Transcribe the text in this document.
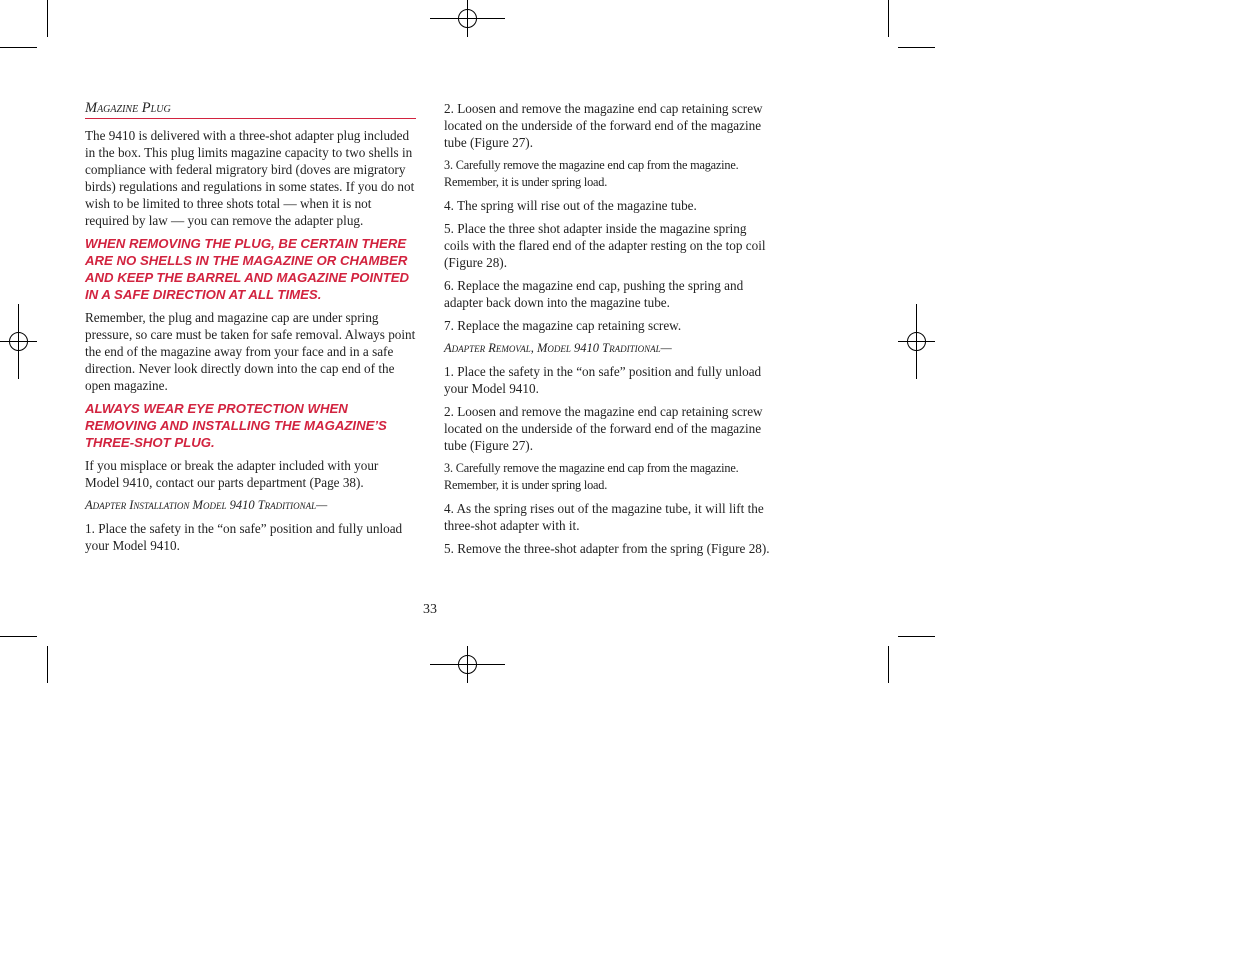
Magazine Plug

The 9410 is delivered with a three-shot adapter plug included in the box. This plug limits magazine capacity to two shells in compliance with federal migratory bird (doves are migratory birds) regulations and regulations in some states. If you do not wish to be limited to three shots total — when it is not required by law — you can remove the adapter plug.

WHEN REMOVING THE PLUG, BE CERTAIN THERE ARE NO SHELLS IN THE MAGAZINE OR CHAMBER AND KEEP THE BARREL AND MAGAZINE POINTED IN A SAFE DIRECTION AT ALL TIMES.

Remember, the plug and magazine cap are under spring pressure, so care must be taken for safe removal. Always point the end of the magazine away from your face and in a safe direction. Never look directly down into the cap end of the open magazine.

ALWAYS WEAR EYE PROTECTION WHEN REMOVING AND INSTALLING THE MAGAZINE’S THREE-SHOT PLUG.

If you misplace or break the adapter included with your Model 9410, contact our parts department (Page 38).

Adapter Installation Model 9410 Traditional—

1. Place the safety in the “on safe” position and fully unload your Model 9410.

2. Loosen and remove the magazine end cap retaining screw located on the underside of the forward end of the magazine tube (Figure 27).

3. Carefully remove the magazine end cap from the magazine. Remember, it is under spring load.

4. The spring will rise out of the magazine tube.

5. Place the three shot adapter inside the magazine spring coils with the flared end of the adapter resting on the top coil (Figure 28).

6. Replace the magazine end cap, pushing the spring and adapter back down into the magazine tube.

7. Replace the magazine cap retaining screw.

Adapter Removal, Model 9410 Traditional—

1. Place the safety in the “on safe” position and fully unload your Model 9410.

2. Loosen and remove the magazine end cap retaining screw located on the underside of the forward end of the magazine tube (Figure 27).

3. Carefully remove the magazine end cap from the magazine. Remember, it is under spring load.

4. As the spring rises out of the magazine tube, it will lift the three-shot adapter with it.

5. Remove the three-shot adapter from the spring (Figure 28).

33
